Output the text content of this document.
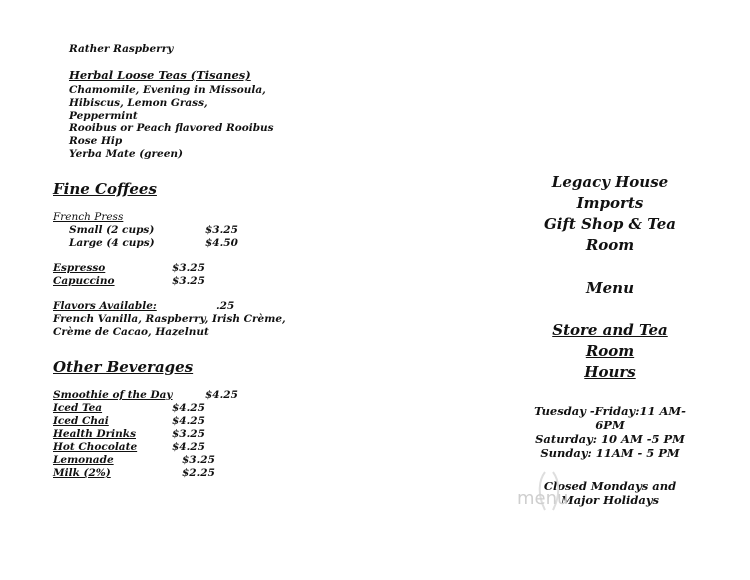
Rather Raspberry
Herbal Loose Teas (Tisanes)
Chamomile, Evening in Missoula,
Hibiscus, Lemon Grass,
Peppermint
Rooibus or Peach flavored Rooibus
Rose Hip
Yerba Mate (green)
Fine Coffees
French Press
Small (2 cups)	$3.25
Large (4 cups)	$4.50
Espresso	$3.25
Capuccino	$3.25
Flavors Available:	.25
French Vanilla, Raspberry, Irish Crème,
Crème de Cacao, Hazelnut
Other Beverages
Smoothie of the Day	$4.25
Iced Tea	$4.25
Iced Chai	$4.25
Health Drinks	$3.25
Hot Chocolate	$4.25
Lemonade	$3.25
Milk (2%)	$2.25
Legacy House
Imports
Gift Shop & Tea
Room
Menu
Store and Tea
Room
Hours
Tuesday -Friday:11 AM-
6PM
Saturday: 10 AM -5 PM
Sunday: 11AM - 5 PM
Closed Mondays and
Major Holidays
menu
